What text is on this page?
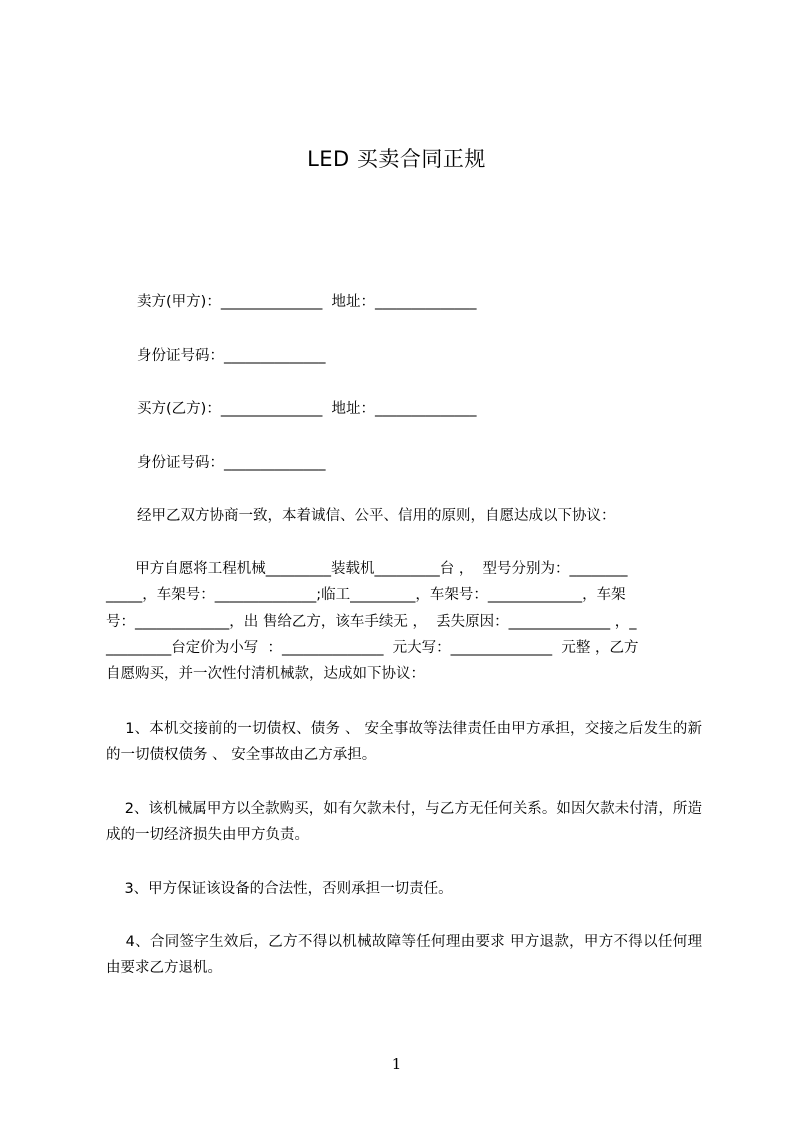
LED 买卖合同正规
卖方(甲方)：______________  地址：______________
身份证号码：______________
买方(乙方)：______________  地址：______________
身份证号码：______________
经甲乙双方协商一致，本着诚信、公平、信用的原则，自愿达成以下协议：
甲方自愿将工程机械_________装载机_________台 ，  型号分别为：________
_____，车架号：______________;临工_________，车架号：_____________，车架
号：_____________，出 售给乙方，该车手续无 ，  丢失原因：______________ ，_
_________台定价为小写  ：______________  元大写：______________  元整 ，乙方
自愿购买，并一次性付清机械款，达成如下协议：
1、本机交接前的一切债权、债务 、 安全事故等法律责任由甲方承担，交接之后发生的新的一切债权债务 、 安全事故由乙方承担。
2、该机械属甲方以全款购买，如有欠款未付，与乙方无任何关系。如因欠款未付清，所造成的一切经济损失由甲方负责。
3、甲方保证该设备的合法性，否则承担一切责任。
4、合同签字生效后，乙方不得以机械故障等任何理由要求 甲方退款，甲方不得以任何理由要求乙方退机。
1
